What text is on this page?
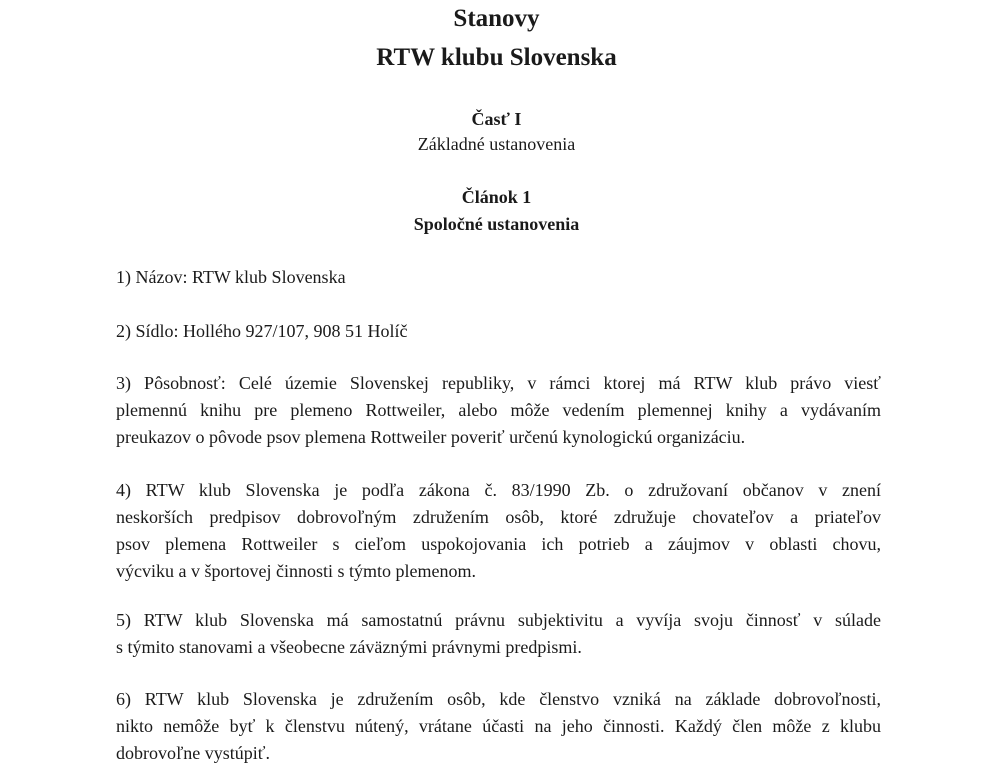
Stanovy
RTW klubu Slovenska
Časť I
Základné ustanovenia
Článok 1
Spoločné ustanovenia
1) Názov: RTW klub Slovenska
2) Sídlo: Hollého 927/107, 908 51 Holíč
3) Pôsobnosť: Celé územie Slovenskej republiky, v rámci ktorej má RTW klub právo viesť
plemennú knihu pre plemeno Rottweiler, alebo môže vedením plemennej knihy a vydávaním
preukazov o pôvode psov plemena Rottweiler poveriť určenú kynologickú organizáciu.
4) RTW klub Slovenska je podľa zákona č. 83/1990 Zb. o združovaní občanov v znení
neskorších predpisov dobrovoľným združením osôb, ktoré združuje chovateľov a priateľov
psov plemena Rottweiler s cieľom uspokojovania ich potrieb a záujmov v oblasti chovu,
výcviku a v športovej činnosti s týmto plemenom.
5) RTW klub Slovenska má samostatnú právnu subjektivitu a vyvíja svoju činnosť v súlade
s týmito stanovami a všeobecne záväznými právnymi predpismi.
6) RTW klub Slovenska je združením osôb, kde členstvo vzniká na základe dobrovoľnosti,
nikto nemôže byť k členstvu nútený, vrátane účasti na jeho činnosti. Každý člen môže z klubu
dobrovoľne vystúpiť.
